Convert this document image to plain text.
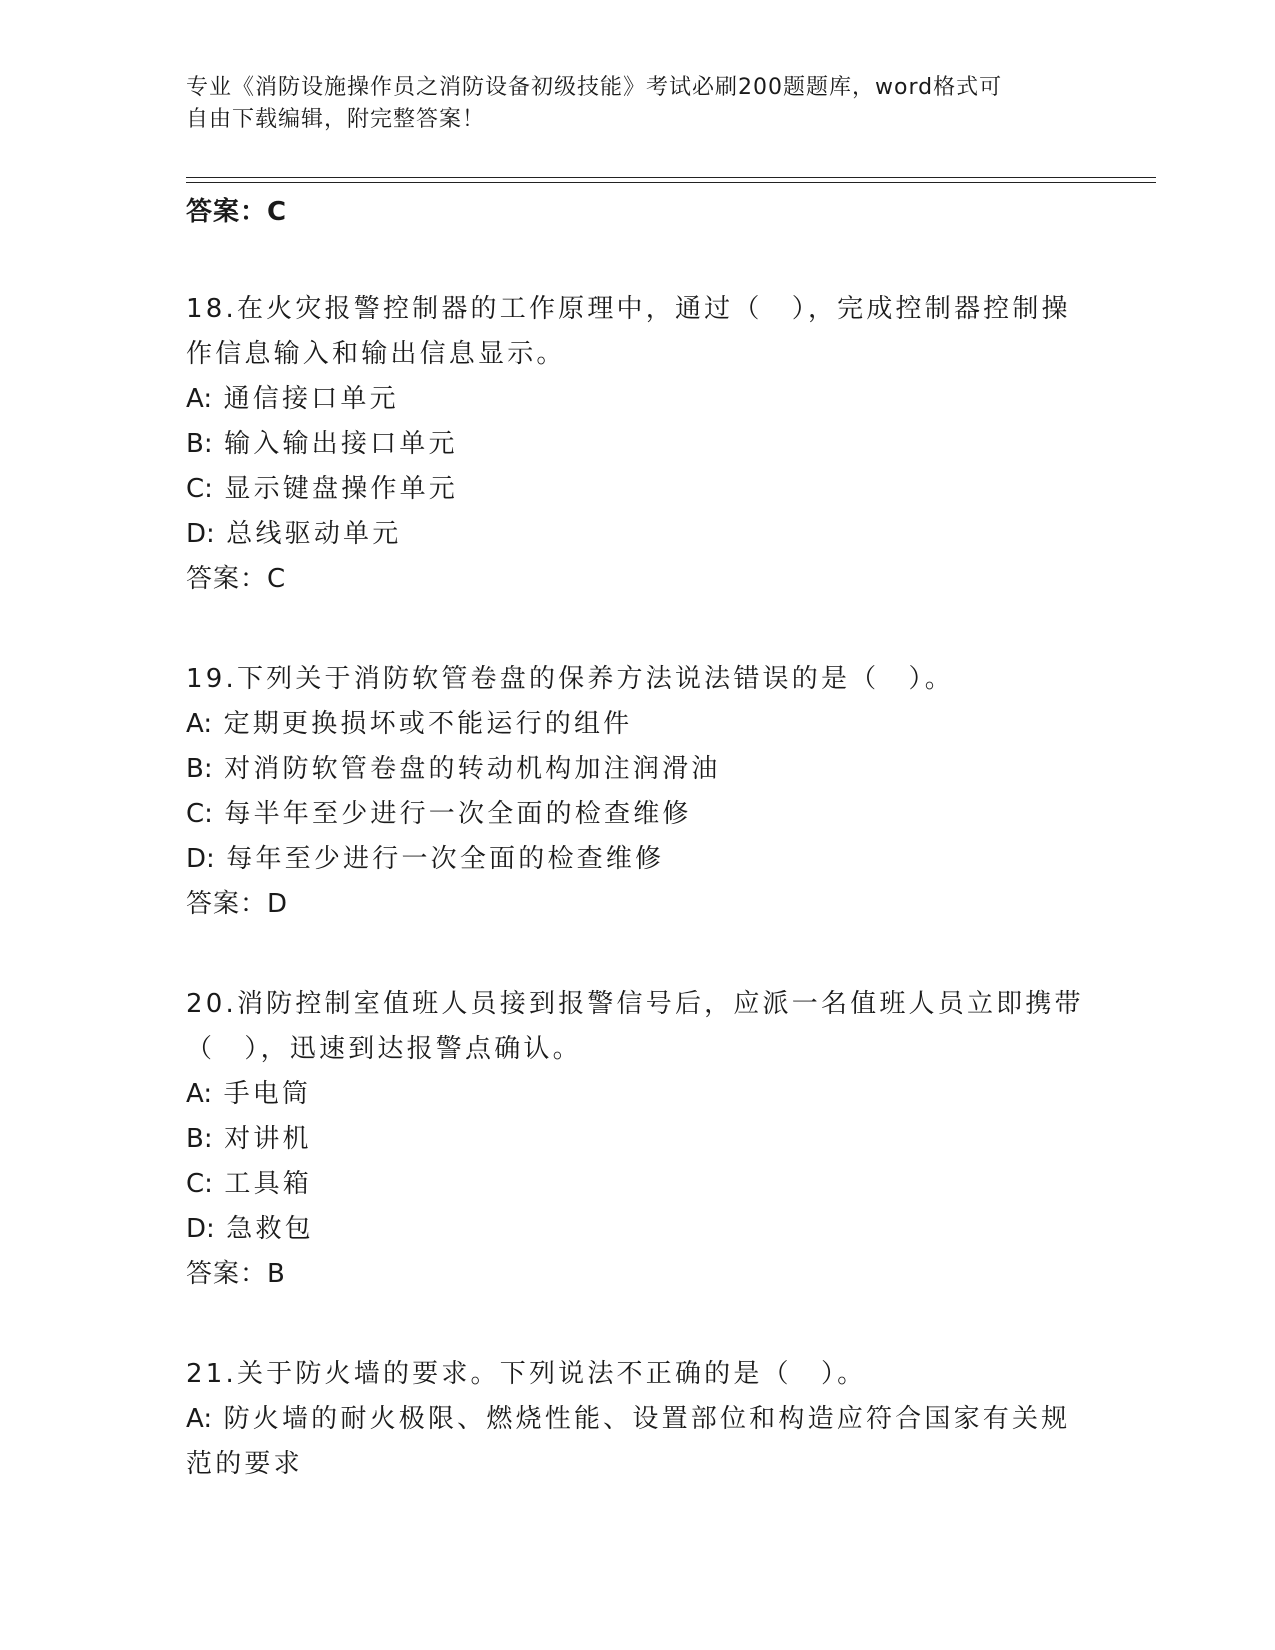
专业《消防设施操作员之消防设备初级技能》考试必刷200题题库，word格式可
自由下载编辑，附完整答案！
答案：C
18.在火灾报警控制器的工作原理中，通过（　），完成控制器控制操作信息输入和输出信息显示。
A: 通信接口单元
B: 输入输出接口单元
C: 显示键盘操作单元
D: 总线驱动单元
答案：C
19.下列关于消防软管卷盘的保养方法说法错误的是（　）。
A: 定期更换损坏或不能运行的组件
B: 对消防软管卷盘的转动机构加注润滑油
C: 每半年至少进行一次全面的检查维修
D: 每年至少进行一次全面的检查维修
答案：D
20.消防控制室值班人员接到报警信号后，应派一名值班人员立即携带（　），迅速到达报警点确认。
A: 手电筒
B: 对讲机
C: 工具箱
D: 急救包
答案：B
21.关于防火墙的要求。下列说法不正确的是（　）。
A: 防火墙的耐火极限、燃烧性能、设置部位和构造应符合国家有关规范的要求
